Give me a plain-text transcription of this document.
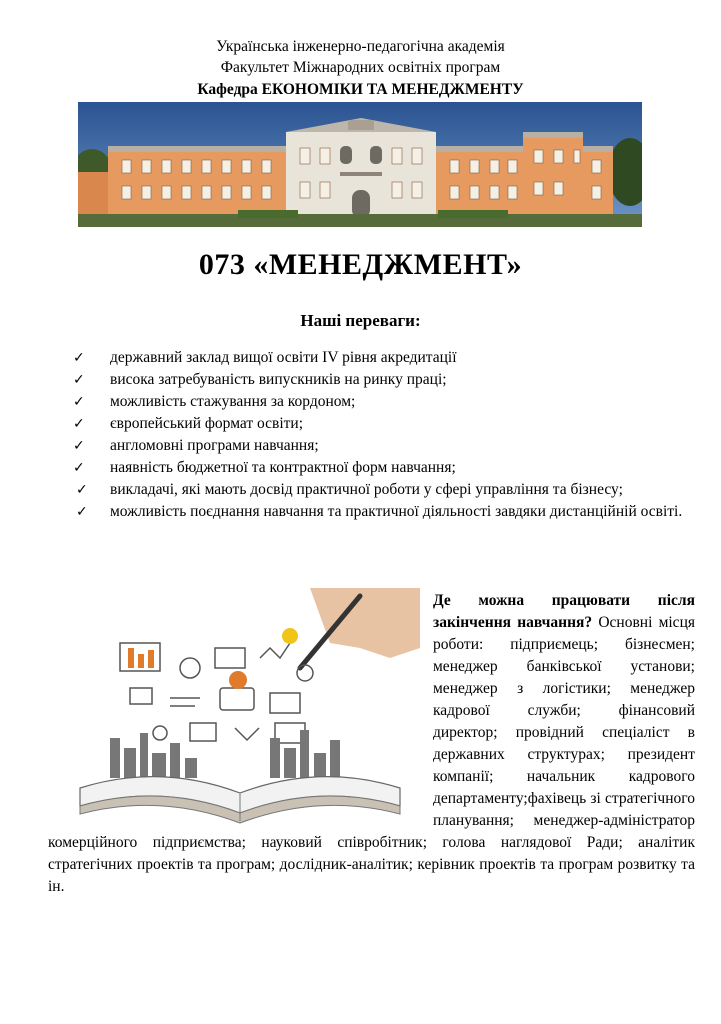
Українська інженерно-педагогічна академія
Факультет Міжнародних освітніх програм
Кафедра ЕКОНОМІКИ ТА МЕНЕДЖМЕНТУ
073 «МЕНЕДЖМЕНТ»
Наші переваги:
✓ державний заклад вищої освіти IV рівня акредитації
✓ висока затребуваність випускників на ринку праці;
✓ можливість стажування за кордоном;
✓ європейський формат освіти;
✓ англомовні програми навчання;
✓ наявність бюджетної та контрактної форм навчання;
✓ викладачі, які мають досвід практичної роботи у сфері управління та бізнесу;
✓ можливість поєднання навчання та практичної діяльності завдяки дистанційній освіті.
Де можна працювати після закінчення навчання? Основні місця роботи: підприємець; бізнесмен; менеджер банківської установи; менеджер з логістики; менеджер кадрової служби; фінансовий директор; провідний спеціаліст в державних структурах; президент компанії; начальник кадрового департаменту;фахівець зі стратегічного планування; менеджер-адміністратор комерційного підприємства; науковий співробітник; голова наглядової Ради; аналітик стратегічних проектів та програм; дослідник-аналітик; керівник проектів та програм розвитку та ін.
